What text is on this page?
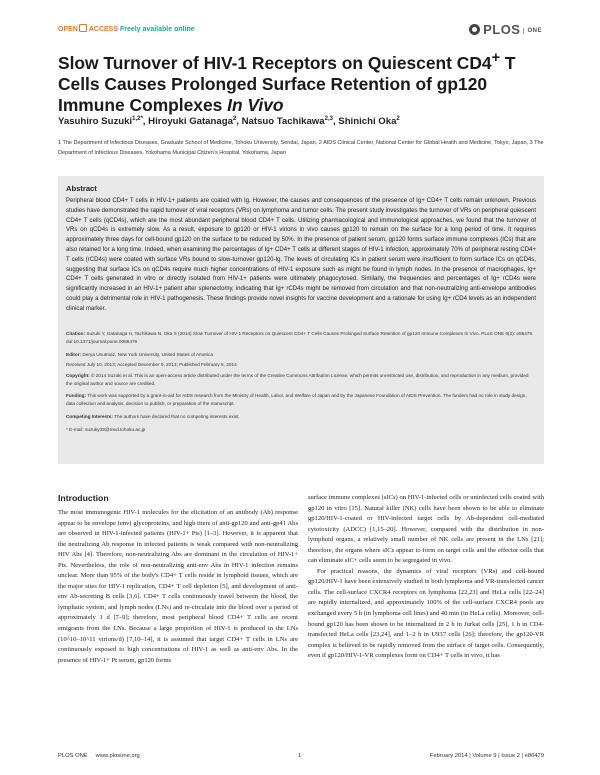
OPEN ACCESS Freely available online	PLOS ONE
Slow Turnover of HIV-1 Receptors on Quiescent CD4+ T Cells Causes Prolonged Surface Retention of gp120 Immune Complexes In Vivo
Yasuhiro Suzuki$^{1,2*}$, Hiroyuki Gatanaga$^2$, Natsuo Tachikawa$^{2,3}$, Shinichi Oka$^2$
1 The Department of Infectious Diseases, Graduate School of Medicine, Tohoku University, Sendai, Japan, 2 AIDS Clinical Center, National Center for Global Health and Medicine, Tokyo, Japan, 3 The Department of Infectious Diseases, Yokohama Municipal Citizen's Hospital, Yokohama, Japan
Abstract
Peripheral blood CD4+ T cells in HIV-1+ patients are coated with Ig. However, the causes and consequences of the presence of Ig+ CD4+ T cells remain unknown. Previous studies have demonstrated the rapid turnover of viral receptors (VRs) on lymphoma and tumor cells. The present study investigates the turnover of VRs on peripheral quiescent CD4+ T cells (qCD4s), which are the most abundant peripheral blood CD4+ T cells. Utilizing pharmacological and immunological approaches, we found that the turnover of VRs on qCD4s is extremely slow. As a result, exposure to gp120 or HIV-1 virions in vivo causes gp120 to remain on the surface for a long period of time. It requires approximately three days for cell-bound gp120 on the surface to be reduced by 50%. In the presence of patient serum, gp120 forms surface immune complexes (ICs) that are also retained for a long time. Indeed, when examining the percentages of Ig+ CD4+ T cells at different stages of HIV-1 infection, approximately 70% of peripheral resting CD4+ T cells (rCD4s) were coated with surface VRs bound to slow-turnover gp120-Ig. The levels of circulating ICs in patient serum were insufficient to form surface ICs on qCD4s, suggesting that surface ICs on qCD4s require much higher concentrations of HIV-1 exposure such as might be found in lymph nodes. In the presence of macrophages, Ig+ CD4+ T cells generated in vitro or directly isolated from HIV-1+ patients were ultimately phagocytosed. Similarly, the frequencies and percentages of Ig+ rCD4s were significantly increased in an HIV-1+ patient after splenectomy, indicating that Ig+ rCD4s might be removed from circulation and that non-neutralizing anti-envelope antibodies could play a detrimental role in HIV-1 pathogenesis. These findings provide novel insights for vaccine development and a rationale for using Ig+ rCD4 levels as an independent clinical marker.
Citation: Suzuki Y, Gatanaga H, Tachikawa N, Oka S (2014) Slow Turnover of HIV-1 Receptors on Quiescent CD4+ T Cells Causes Prolonged Surface Retention of gp120 Immune Complexes In Vivo. PLoS ONE 9(2): e86479. doi:10.1371/journal.pone.0086479
Editor: Derya Unutmaz, New York University, United States of America
Received July 10, 2013; Accepted December 9, 2013; Published February 6, 2014
Copyright: © 2014 Suzuki et al. This is an open-access article distributed under the terms of the Creative Commons Attribution License, which permits unrestricted use, distribution, and reproduction in any medium, provided the original author and source are credited.
Funding: This work was supported by a grant-in-aid for AIDS research from the Ministry of Health, Labor, and Welfare of Japan and by the Japanese Foundation of AIDS Prevention. The funders had no role in study design, data collection and analysis, decision to publish, or preparation of the manuscript.
Competing Interests: The authors have declared that no competing interests exist.
* E-mail: suzuky39@med.tohoku.ac.jp
Introduction

The most immunogenic HIV-1 molecules for the elicitation of an antibody (Ab) response appear to be envelope (env) glycoproteins, and high titers of anti-gp120 and anti-gp41 Abs are observed in HIV-1-infected patients (HIV-1+ Pts) [1–3]. However, it is apparent that the neutralizing Ab response in infected patients is weak compared with non-neutralizing HIV Abs [4]. Therefore, non-neutralizing Abs are dominant in the circulation of HIV-1+ Pts. Nevertheless, the role of non-neutralizing anti-env Abs in HIV-1 infection remains unclear. More than 95% of the body's CD4+ T cells reside in lymphoid tissues, which are the major sites for HIV-1 replication, CD4+ T cell depletion [5], and development of anti-env Ab-secreting B cells [3,6]. CD4+ T cells continuously travel between the blood, the lymphatic system, and lymph nodes (LNs) and re-circulate into the blood over a period of approximately 1 d [7–9]; therefore, most peripheral blood CD4+ T cells are recent emigrants from the LNs. Because a large proportion of HIV-1 is produced in the LNs (10^10–10^11 virions/d) [7,10–14], it is assumed that target CD4+ T cells in LNs are continuously exposed to high concentrations of HIV-1 as well as anti-env Abs. In the presence of HIV-1+ Pt serum, gp120 forms

surface immune complexes (sICs) on HIV-1-infected cells or uninfected cells coated with gp120 in vitro [15]. Natural killer (NK) cells have been shown to be able to eliminate gp120/HIV-1-coated or HIV-infected target cells by Ab-dependent cell-mediated cytotoxicity (ADCC) [1,15–20]. However, compared with the distribution in non-lymphoid organs, a relatively small number of NK cells are present in the LNs [21]; therefore, the organs where sICs appear to form on target cells and the effector cells that can eliminate sIC+ cells seem to be segregated in vivo.

For practical reasons, the dynamics of viral receptors (VRs) and cell-bound gp120/HIV-1 have been extensively studied in both lymphoma and VR-transfected cancer cells. The cell-surface CXCR4 receptors on lymphoma [22,23] and HeLa cells [22–24] are rapidly internalized, and approximately 100% of the cell-surface CXCR4 pools are exchanged every 5 h (in lymphoma cell lines) and 40 min (in HeLa cells). Moreover, cell-bound gp120 has been shown to be internalized in 2 h in Jurkat cells [25], 1 h in CD4-transfected HeLa cells [23,24], and 1–2 h in U937 cells [26]; therefore, the gp120-VR complex is believed to be rapidly removed from the surface of target cells. Consequently, even if gp120/HIV-1-VR complexes form on CD4+ T cells in vivo, it has

PLOS ONE www.plosone.org	1	February 2014 | Volume 9 | Issue 2 | e86479
